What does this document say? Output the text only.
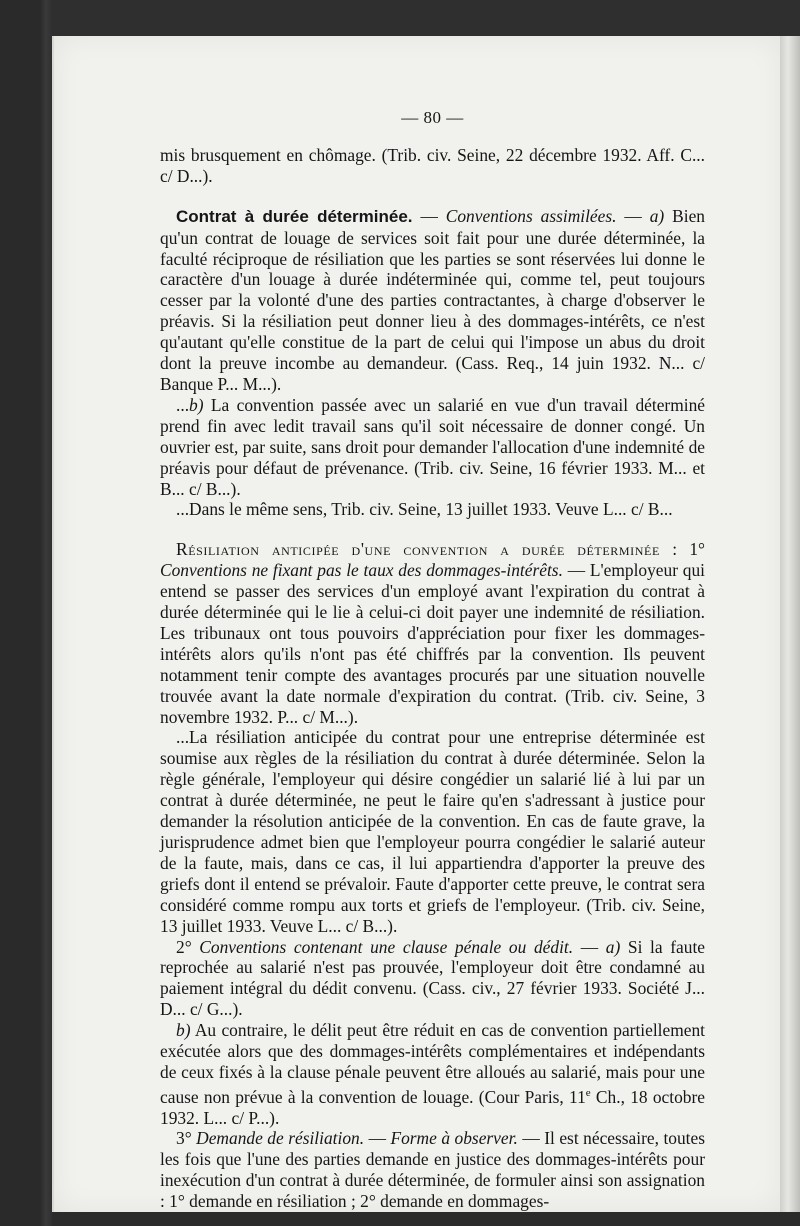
— 80 —

mis brusquement en chômage. (Trib. civ. Seine, 22 décembre 1932. Aff. C... c/ D...).

Contrat à durée déterminée. — Conventions assimilées. — a) Bien qu'un contrat de louage de services soit fait pour une durée déterminée, la faculté réciproque de résiliation que les parties se sont réservées lui donne le caractère d'un louage à durée indéterminée qui, comme tel, peut toujours cesser par la volonté d'une des parties contractantes, à charge d'observer le préavis. Si la résiliation peut donner lieu à des dommages-intérêts, ce n'est qu'autant qu'elle constitue de la part de celui qui l'impose un abus du droit dont la preuve incombe au demandeur. (Cass. Req., 14 juin 1932. N... c/ Banque P... M...).

...b) La convention passée avec un salarié en vue d'un travail déterminé prend fin avec ledit travail sans qu'il soit nécessaire de donner congé. Un ouvrier est, par suite, sans droit pour demander l'allocation d'une indemnité de préavis pour défaut de prévenance. (Trib. civ. Seine, 16 février 1933. M... et B... c/ B...).

...Dans le même sens, Trib. civ. Seine, 13 juillet 1933. Veuve L... c/ B...

Résiliation anticipée d'une convention a durée déterminée : 1° Conventions ne fixant pas le taux des dommages-intérêts. — L'employeur qui entend se passer des services d'un employé avant l'expiration du contrat à durée déterminée qui le lie à celui-ci doit payer une indemnité de résiliation. Les tribunaux ont tous pouvoirs d'appréciation pour fixer les dommages-intérêts alors qu'ils n'ont pas été chiffrés par la convention. Ils peuvent notamment tenir compte des avantages procurés par une situation nouvelle trouvée avant la date normale d'expiration du contrat. (Trib. civ. Seine, 3 novembre 1932. P... c/ M...).

...La résiliation anticipée du contrat pour une entreprise déterminée est soumise aux règles de la résiliation du contrat à durée déterminée. Selon la règle générale, l'employeur qui désire congédier un salarié lié à lui par un contrat à durée déterminée, ne peut le faire qu'en s'adressant à justice pour demander la résolution anticipée de la convention. En cas de faute grave, la jurisprudence admet bien que l'employeur pourra congédier le salarié auteur de la faute, mais, dans ce cas, il lui appartiendra d'apporter la preuve des griefs dont il entend se prévaloir. Faute d'apporter cette preuve, le contrat sera considéré comme rompu aux torts et griefs de l'employeur. (Trib. civ. Seine, 13 juillet 1933. Veuve L... c/ B...).

2° Conventions contenant une clause pénale ou dédit. — a) Si la faute reprochée au salarié n'est pas prouvée, l'employeur doit être condamné au paiement intégral du dédit convenu. (Cass. civ., 27 février 1933. Société J... D... c/ G...).

b) Au contraire, le délit peut être réduit en cas de convention partiellement exécutée alors que des dommages-intérêts complémentaires et indépendants de ceux fixés à la clause pénale peuvent être alloués au salarié, mais pour une cause non prévue à la convention de louage. (Cour Paris, 11e Ch., 18 octobre 1932. L... c/ P...).

3° Demande de résiliation. — Forme à observer. — Il est nécessaire, toutes les fois que l'une des parties demande en justice des dommages-intérêts pour inexécution d'un contrat à durée déterminée, de formuler ainsi son assignation : 1° demande en résiliation ; 2° demande en dommages-
